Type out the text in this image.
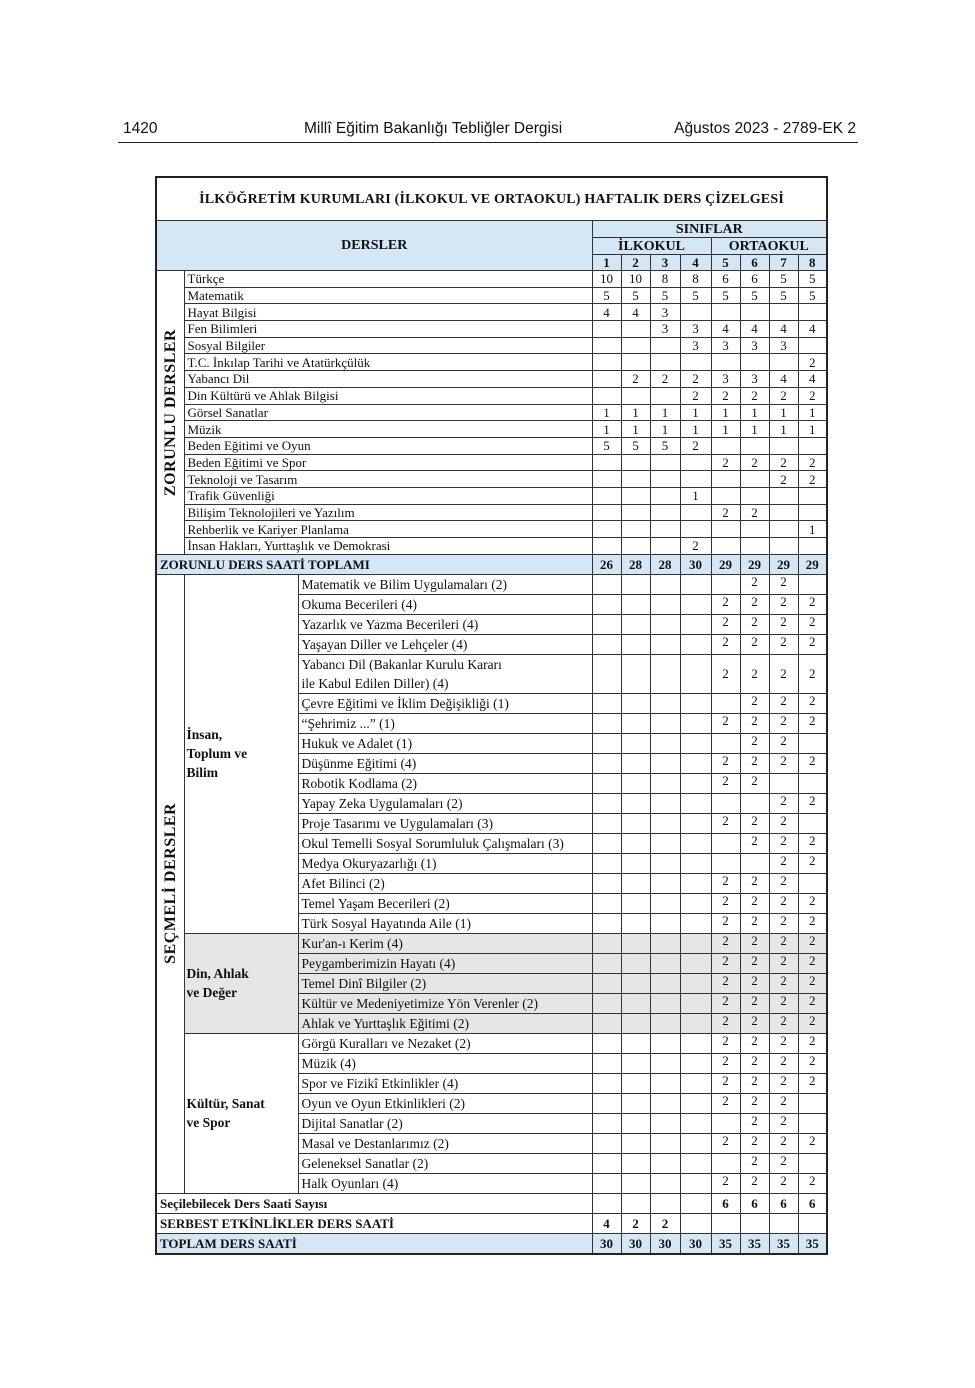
1420	Millî Eğitim Bakanlığı Tebliğler Dergisi	Ağustos 2023 - 2789-EK 2
İLKÖĞRETİM KURUMLARI (İLKOKUL VE ORTAOKUL) HAFTALIK DERS ÇİZELGESİ										
DERSLER			SINIFLAR							
			İLKOKUL				ORTAOKUL			
			1	2	3	4	5	6	7	8

ZORUNLU DERSLER	Türkçe		10	10	8	8	6	6	5	5
	Matematik		5	5	5	5	5	5	5	5
	Hayat Bilgisi		4	4	3					
	Fen Bilimleri				3	3	4	4	4	4
	Sosyal Bilgiler					3	3	3	3	
	T.C. İnkılap Tarihi ve Atatürkçülük									2
	Yabancı Dil			2	2	2	3	3	4	4
	Din Kültürü ve Ahlak Bilgisi					2	2	2	2	2
	Görsel Sanatlar		1	1	1	1	1	1	1	1
	Müzik		1	1	1	1	1	1	1	1
	Beden Eğitimi ve Oyun		5	5	5	2				
	Beden Eğitimi ve Spor						2	2	2	2
	Teknoloji ve Tasarım								2	2
	Trafik Güvenliği					1				
	Bilişim Teknolojileri ve Yazılım						2	2		
	Rehberlik ve Kariyer Planlama									1
	İnsan Hakları, Yurttaşlık ve Demokrasi					2				
ZORUNLU DERS SAATİ TOPLAMI			26	28	28	30	29	29	29	29

SEÇMELİ DERSLER	İnsan,
Toplum ve
Bilim	Matematik ve Bilim Uygulamaları (2)						2	2	

		Okuma Becerileri (4)					2	2	2	2

		Yazarlık ve Yazma Becerileri (4)					2	2	2	2

		Yaşayan Diller ve Lehçeler (4)					2	2	2	2

		Yabancı Dil (Bakanlar Kurulu Kararı
ile Kabul Edilen Diller) (4)					2	2	2	2

		Çevre Eğitimi ve İklim Değişikliği (1)						2	2	2

		“Şehrimiz ...” (1)					2	2	2	2

		Hukuk ve Adalet (1)						2	2	

		Düşünme Eğitimi (4)					2	2	2	2

		Robotik Kodlama (2)					2	2		

		Yapay Zeka Uygulamaları (2)							2	2

		Proje Tasarımı ve Uygulamaları (3)					2	2	2	

		Okul Temelli Sosyal Sorumluluk Çalışmaları (3)						2	2	2

		Medya Okuryazarlığı (1)							2	2

		Afet Bilinci (2)					2	2	2	

		Temel Yaşam Becerileri (2)					2	2	2	2

		Türk Sosyal Hayatında Aile (1)					2	2	2	2

	Din, Ahlak
ve Değer	Kur'an-ı Kerim (4)					2	2	2	2

		Peygamberimizin Hayatı (4)					2	2	2	2

		Temel Dinî Bilgiler (2)					2	2	2	2

		Kültür ve Medeniyetimize Yön Verenler (2)					2	2	2	2

		Ahlak ve Yurttaşlık Eğitimi (2)					2	2	2	2

	Kültür, Sanat
ve Spor	Görgü Kuralları ve Nezaket (2)					2	2	2	2

		Müzik (4)					2	2	2	2

		Spor ve Fizikî Etkinlikler (4)					2	2	2	2

		Oyun ve Oyun Etkinlikleri (2)					2	2	2	

		Dijital Sanatlar (2)						2	2	

		Masal ve Destanlarımız (2)					2	2	2	2

		Geleneksel Sanatlar (2)						2	2	

		Halk Oyunları (4)					2	2	2	2
Seçilebilecek Ders Saati Sayısı							6	6	6	6
SERBEST ETKİNLİKLER DERS SAATİ			4	2	2					
TOPLAM DERS SAATİ			30	30	30	30	35	35	35	35
